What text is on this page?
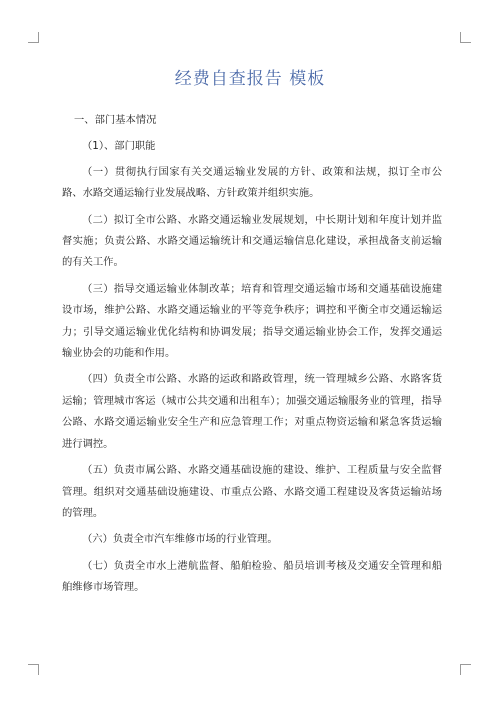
经费自查报告 模板

一、部门基本情况

（1）、部门职能

（一）贯彻执行国家有关交通运输业发展的方针、政策和法规，拟订全市公路、水路交通运输行业发展战略、方针政策并组织实施。

（二）拟订全市公路、水路交通运输业发展规划，中长期计划和年度计划并监督实施；负责公路、水路交通运输统计和交通运输信息化建设，承担战备支前运输的有关工作。

（三）指导交通运输业体制改革；培育和管理交通运输市场和交通基础设施建设市场，维护公路、水路交通运输业的平等竞争秩序；调控和平衡全市交通运输运力；引导交通运输业优化结构和协调发展；指导交通运输业协会工作，发挥交通运输业协会的功能和作用。

（四）负责全市公路、水路的运政和路政管理，统一管理城乡公路、水路客货运输；管理城市客运（城市公共交通和出租车）；加强交通运输服务业的管理，指导公路、水路交通运输业安全生产和应急管理工作；对重点物资运输和紧急客货运输进行调控。

（五）负责市属公路、水路交通基础设施的建设、维护、工程质量与安全监督管理。组织对交通基础设施建设、市重点公路、水路交通工程建设及客货运输站场的管理。

（六）负责全市汽车维修市场的行业管理。

（七）负责全市水上港航监督、船舶检验、船员培训考核及交通安全管理和船舶维修市场管理。
